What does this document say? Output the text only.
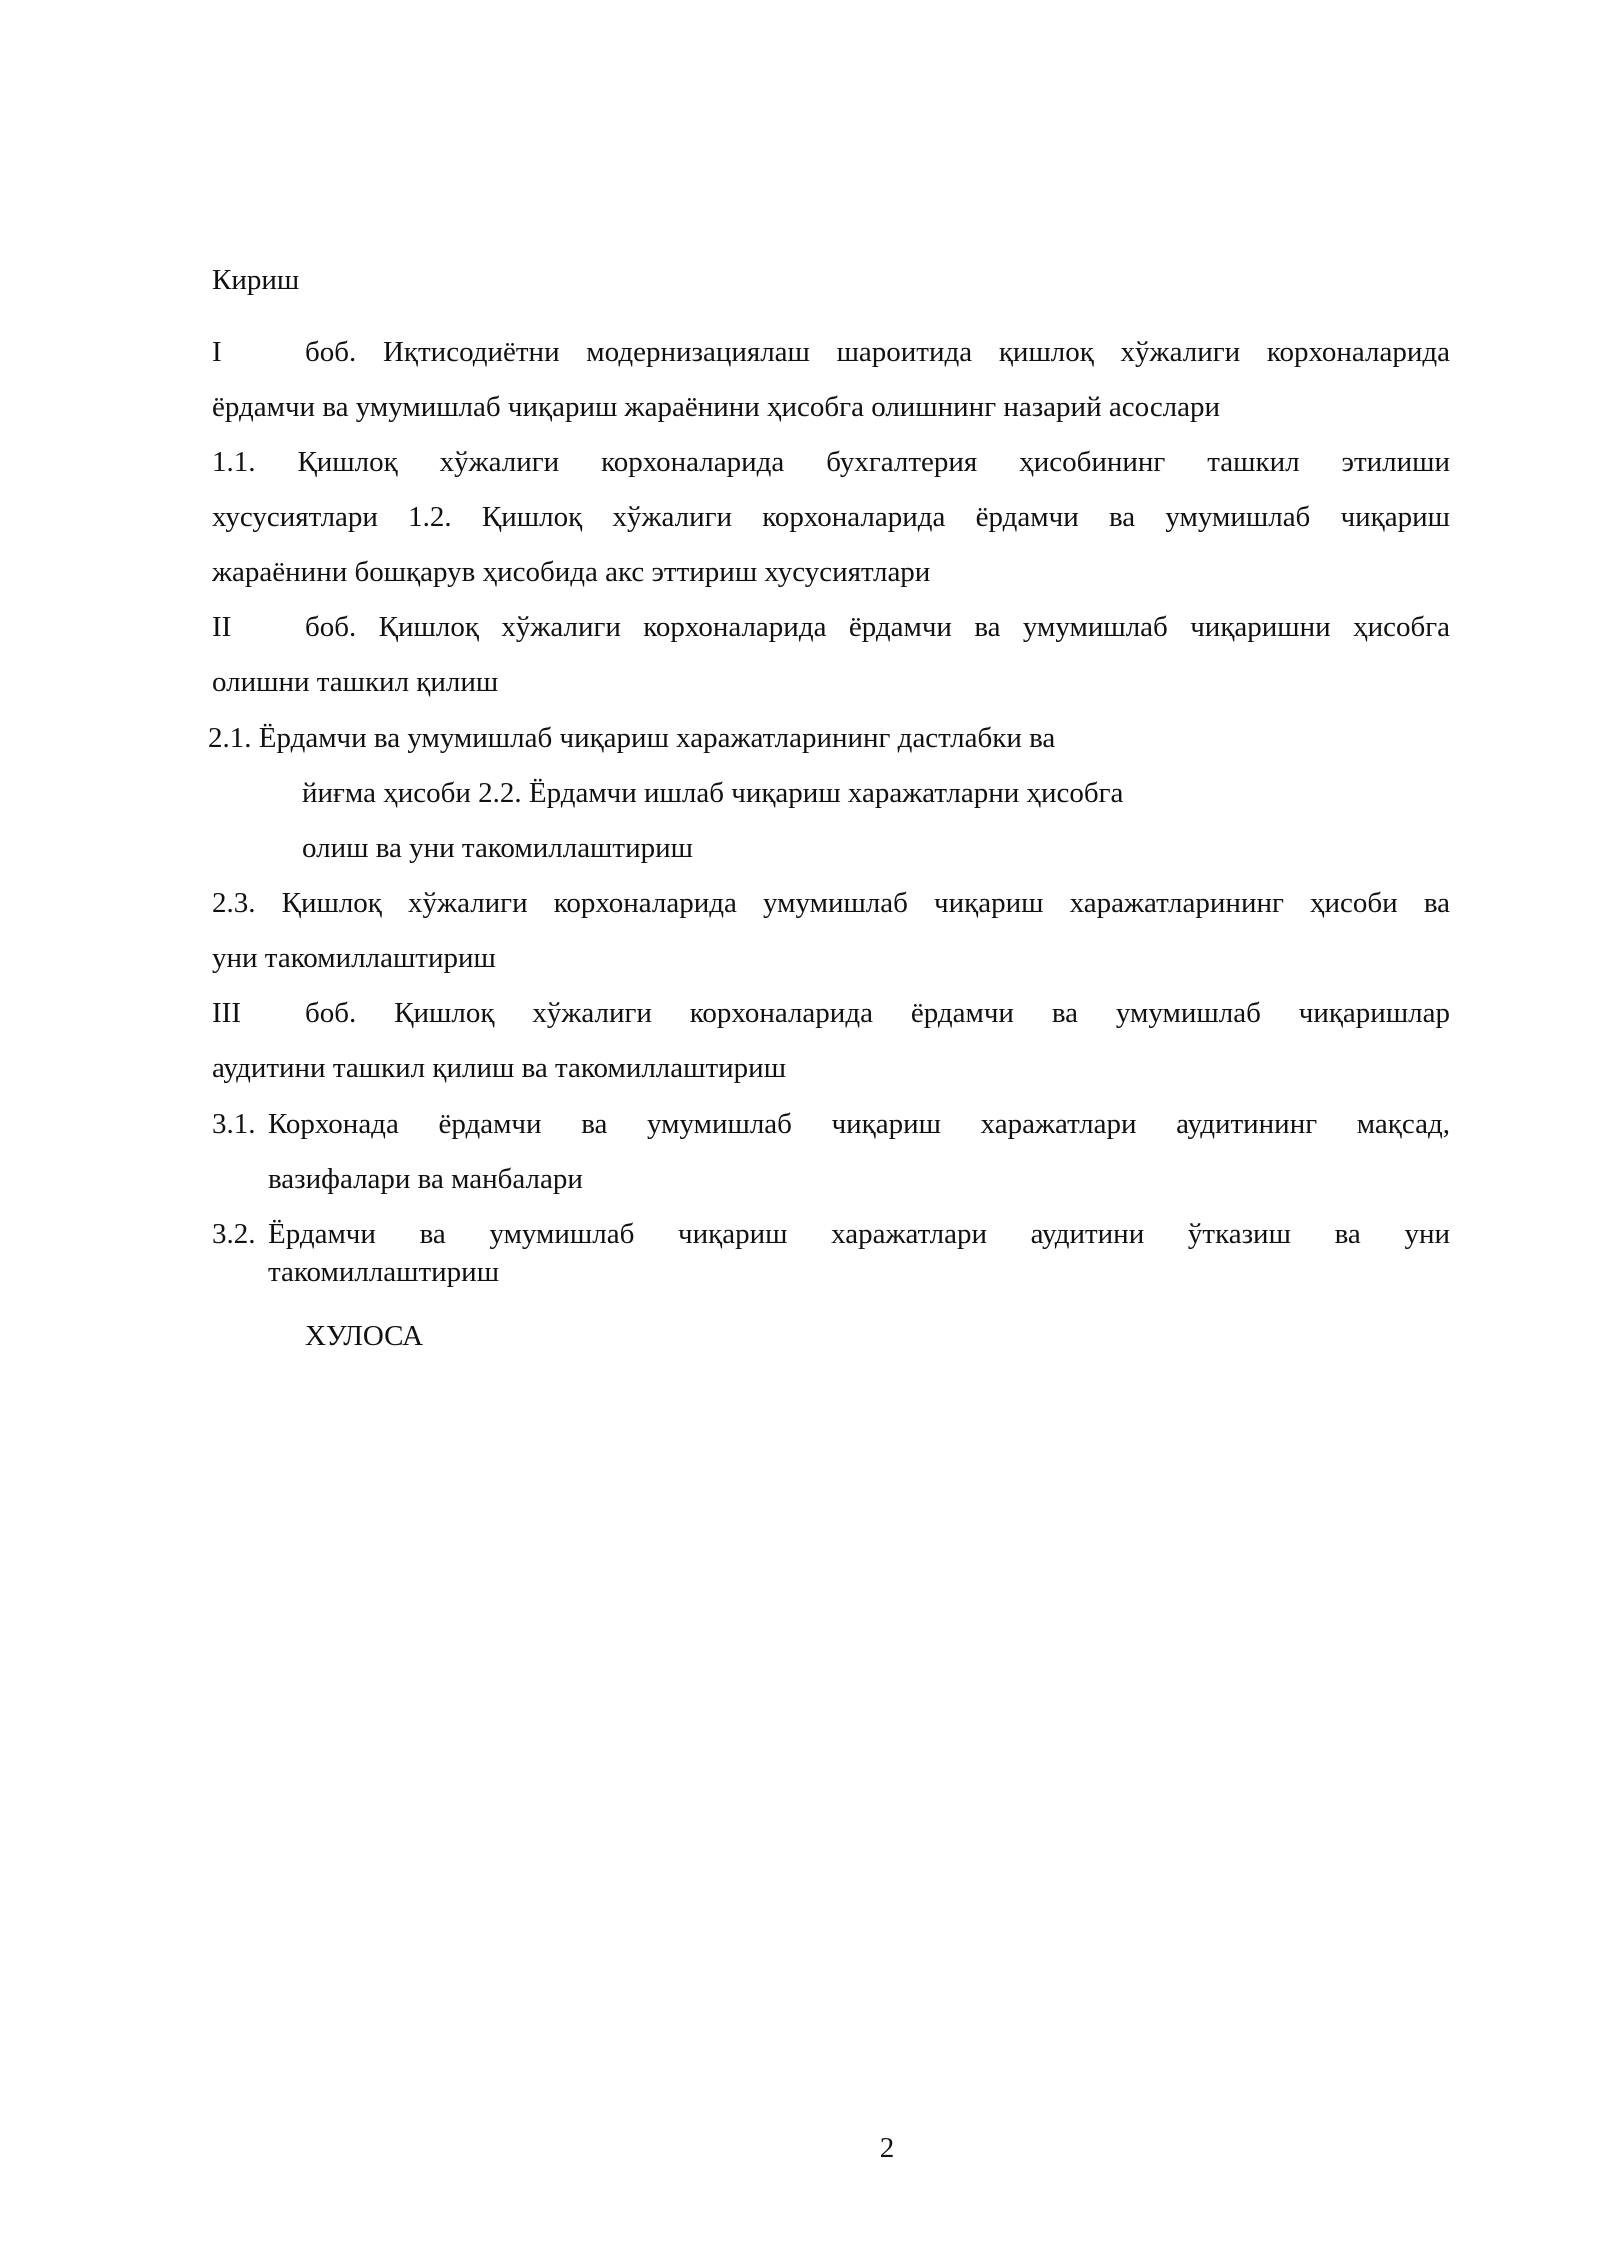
Кириш
I	боб. Иқтисодиётни модернизациялаш шароитида қишлоқ хўжалиги корхоналарида
ёрдамчи ва умумишлаб чиқариш жараёнини ҳисобга олишнинг назарий асослари
1.1. Қишлоқ хўжалиги корхоналарида бухгалтерия ҳисобининг ташкил этилиши
хусусиятлари 1.2. Қишлоқ хўжалиги корхоналарида ёрдамчи ва умумишлаб чиқариш
жараёнини бошқарув ҳисобида акс эттириш хусусиятлари
II	боб. Қишлоқ хўжалиги корхоналарида ёрдамчи ва умумишлаб чиқаришни ҳисобга
олишни ташкил қилиш
2.1. Ёрдамчи ва умумишлаб чиқариш харажатларининг дастлабки ва
йиғма ҳисоби 2.2. Ёрдамчи ишлаб чиқариш харажатларни ҳисобга
олиш ва уни такомиллаштириш
2.3. Қишлоқ хўжалиги корхоналарида умумишлаб чиқариш харажатларининг ҳисоби ва
уни такомиллаштириш
III боб. Қишлоқ хўжалиги корхоналарида ёрдамчи ва умумишлаб чиқаришлар
аудитини ташкил қилиш ва такомиллаштириш
3.1. Корхонада ёрдамчи ва умумишлаб чиқариш харажатлари аудитининг мақсад,
вазифалари ва манбалари
3.2. Ёрдамчи ва умумишлаб чиқариш харажатлари аудитини ўтказиш ва уни
такомиллаштириш
ХУЛОСА
2
